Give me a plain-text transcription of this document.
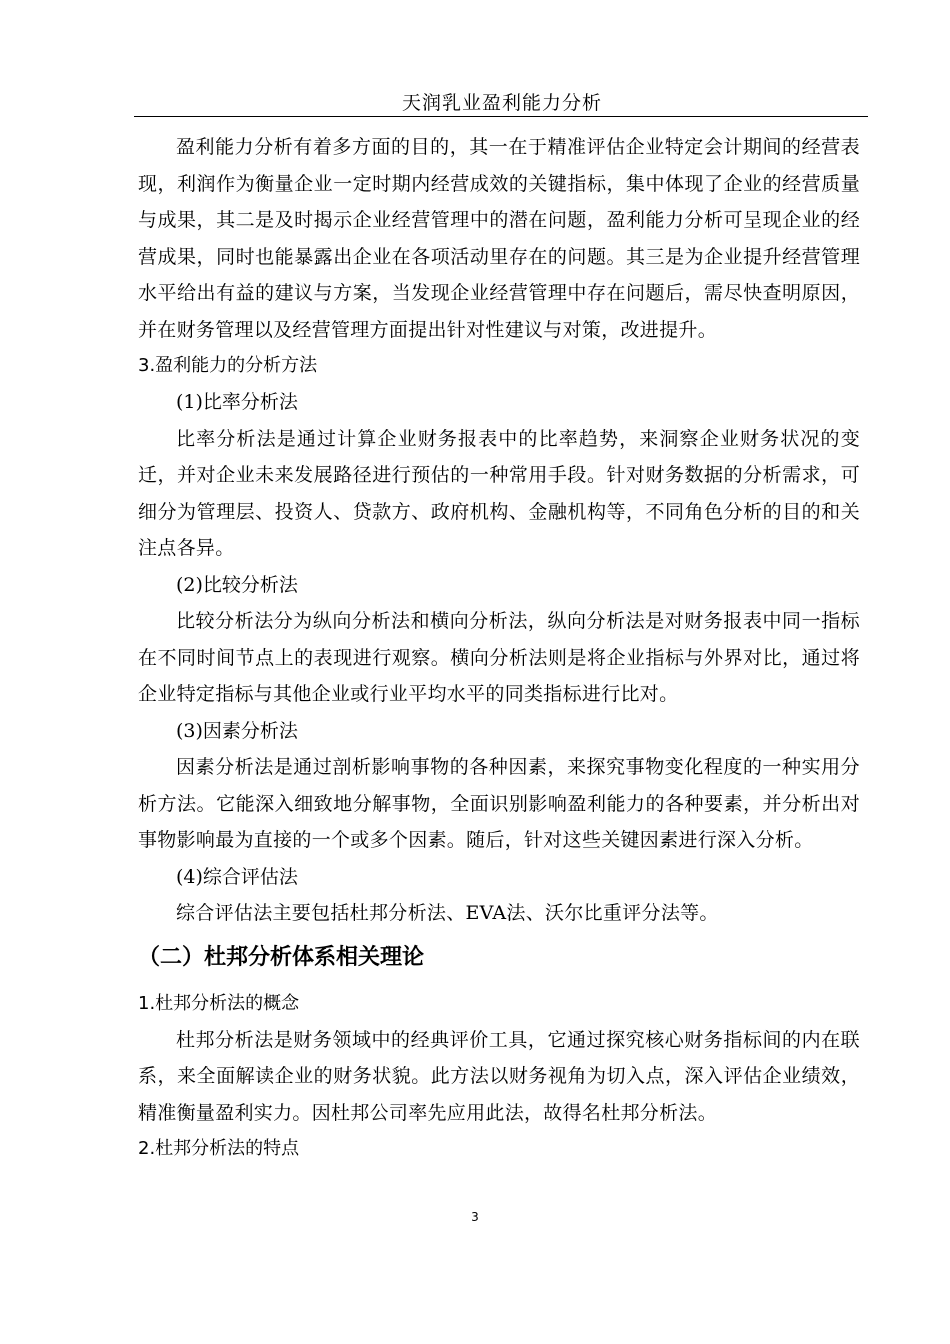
天润乳业盈利能力分析

盈利能力分析有着多方面的目的，其一在于精准评估企业特定会计期间的经营表现，利润作为衡量企业一定时期内经营成效的关键指标，集中体现了企业的经营质量与成果，其二是及时揭示企业经营管理中的潜在问题，盈利能力分析可呈现企业的经营成果，同时也能暴露出企业在各项活动里存在的问题。其三是为企业提升经营管理水平给出有益的建议与方案，当发现企业经营管理中存在问题后，需尽快查明原因，并在财务管理以及经营管理方面提出针对性建议与对策，改进提升。

3.盈利能力的分析方法

(1)比率分析法

比率分析法是通过计算企业财务报表中的比率趋势，来洞察企业财务状况的变迁，并对企业未来发展路径进行预估的一种常用手段。针对财务数据的分析需求，可细分为管理层、投资人、贷款方、政府机构、金融机构等，不同角色分析的目的和关注点各异。

(2)比较分析法

比较分析法分为纵向分析法和横向分析法，纵向分析法是对财务报表中同一指标在不同时间节点上的表现进行观察。横向分析法则是将企业指标与外界对比，通过将企业特定指标与其他企业或行业平均水平的同类指标进行比对。

(3)因素分析法

因素分析法是通过剖析影响事物的各种因素，来探究事物变化程度的一种实用分析方法。它能深入细致地分解事物，全面识别影响盈利能力的各种要素，并分析出对事物影响最为直接的一个或多个因素。随后，针对这些关键因素进行深入分析。

(4)综合评估法

综合评估法主要包括杜邦分析法、EVA法、沃尔比重评分法等。

（二）杜邦分析体系相关理论

1.杜邦分析法的概念

杜邦分析法是财务领域中的经典评价工具，它通过探究核心财务指标间的内在联系，来全面解读企业的财务状貌。此方法以财务视角为切入点，深入评估企业绩效，精准衡量盈利实力。因杜邦公司率先应用此法，故得名杜邦分析法。

2.杜邦分析法的特点

3
